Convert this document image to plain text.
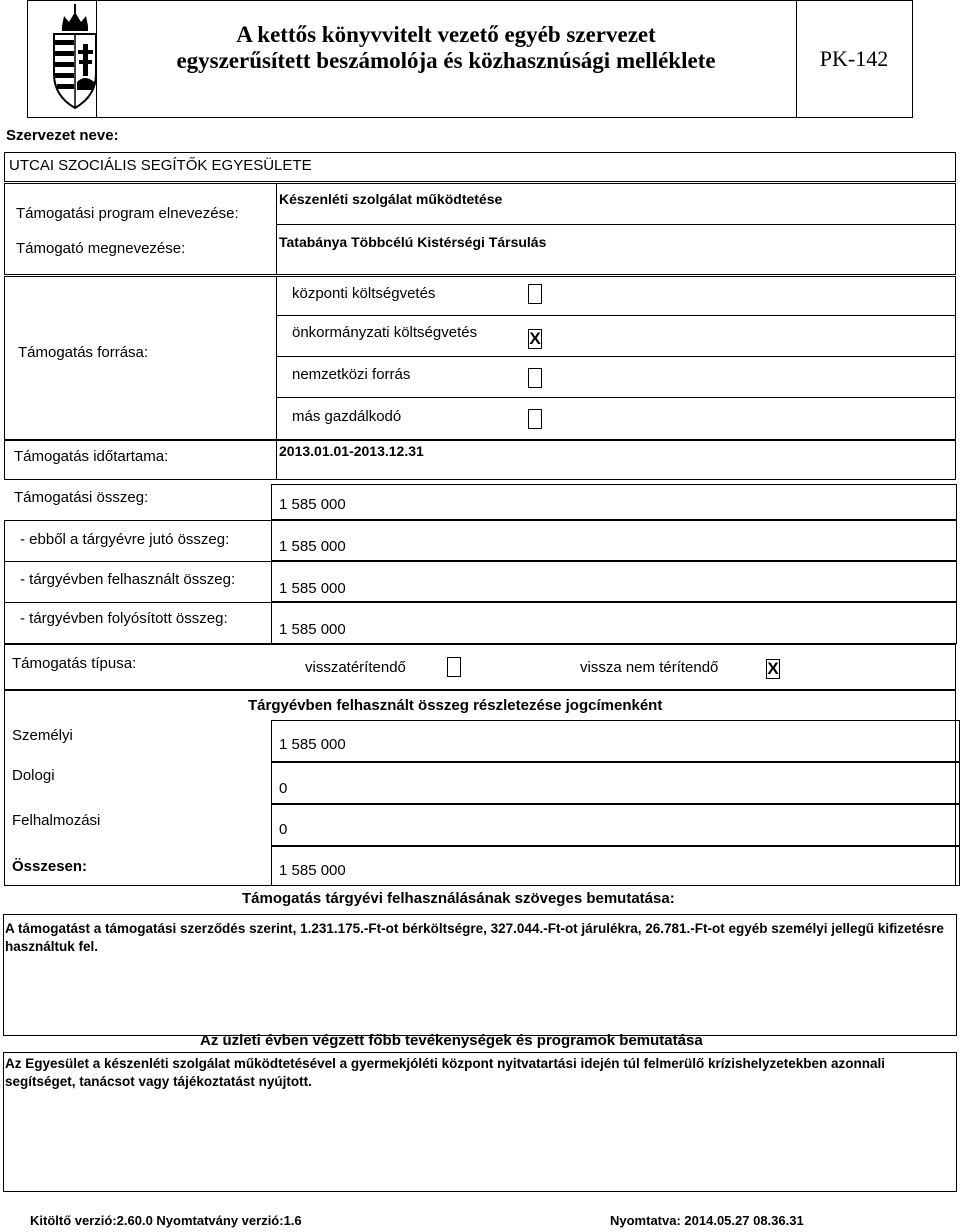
A kettős könyvvitelt vezető egyéb szervezet
egyszerűsített beszámolója és közhasznúsági melléklete	PK-142
Szervezet neve:
UTCAI SZOCIÁLIS SEGÍTŐK EGYESÜLETE
Támogatási program elnevezése:
Készenléti szolgálat működtetése
Támogató megnevezése:	Tatabánya Többcélú Kistérségi Társulás
Támogatás forrása:
központi költségvetés
önkormányzati költségvetés	X
nemzetközi forrás
más gazdálkodó
Támogatás időtartama:	2013.01.01-2013.12.31
Támogatási összeg:	1 585 000
- ebből a tárgyévre jutó összeg:	1 585 000
- tárgyévben felhasznált összeg:
1 585 000
- tárgyévben folyósított összeg:
1 585 000
Támogatás típusa:	visszatérítendő	vissza nem térítendő	X
Tárgyévben felhasznált összeg részletezése jogcímenként
Személyi
1 585 000
Dologi
0
Felhalmozási
0
Összesen:	1 585 000
Támogatás tárgyévi felhasználásának szöveges bemutatása:
A támogatást a támogatási szerződés szerint, 1.231.175.-Ft-ot bérköltségre, 327.044.-Ft-ot járulékra, 26.781.-Ft-ot egyéb személyi jellegű kifizetésre használtuk fel.
Az üzleti évben végzett főbb tevékenységek és programok bemutatása
Az Egyesület a készenléti szolgálat működtetésével a gyermekjóléti központ nyitvatartási idején túl felmerülő krízishelyzetekben azonnali segítséget, tanácsot vagy tájékoztatást nyújtott.
Kitöltő verzió:2.60.0 Nyomtatvány verzió:1.6	Nyomtatva: 2014.05.27 08.36.31
